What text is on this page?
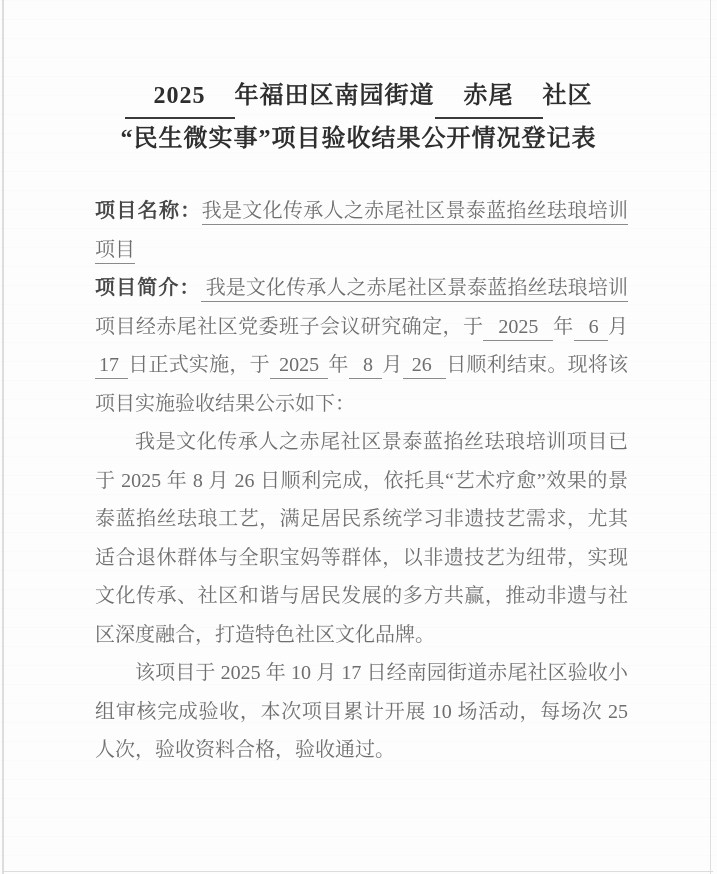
2025 年福田区南园街道 赤尾 社区
“民生微实事”项目验收结果公开情况登记表

项目名称：我是文化传承人之赤尾社区景泰蓝掐丝珐琅培训项目

项目简介： 我是文化传承人之赤尾社区景泰蓝掐丝珐琅培训项目经赤尾社区党委班子会议研究确定，于  2025  年  6 月 17 日正式实施，于 2025 年  8 月 26  日顺利结束。现将该项目实施验收结果公示如下：

我是文化传承人之赤尾社区景泰蓝掐丝珐琅培训项目已于 2025 年 8 月 26 日顺利完成，依托具“艺术疗愈”效果的景泰蓝掐丝珐琅工艺，满足居民系统学习非遗技艺需求，尤其适合退休群体与全职宝妈等群体，以非遗技艺为纽带，实现文化传承、社区和谐与居民发展的多方共赢，推动非遗与社区深度融合，打造特色社区文化品牌。

该项目于 2025 年 10 月 17 日经南园街道赤尾社区验收小组审核完成验收，本次项目累计开展 10 场活动，每场次 25 人次，验收资料合格，验收通过。
